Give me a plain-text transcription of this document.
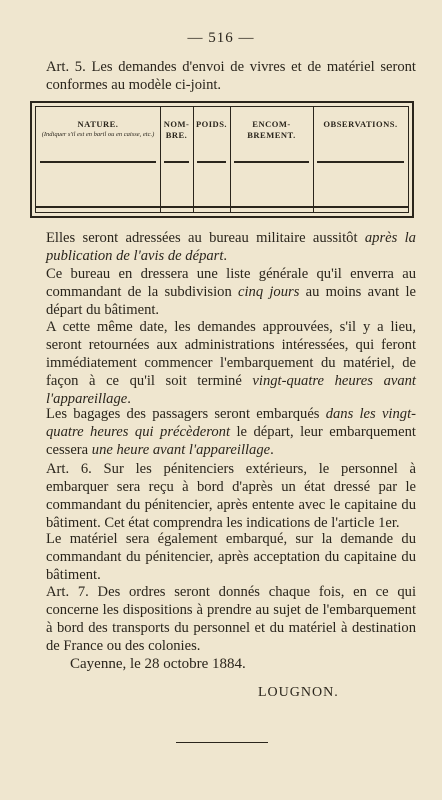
— 516 —

Art. 5. Les demandes d'envoi de vivres et de matériel seront conformes au modèle ci-joint.

NATURE.
(Indiquer s'il est en baril ou en caisse, etc.)
NOM-BRE.
POIDS.	ENCOM-BREMENT.
OBSERVATIONS.

Elles seront adressées au bureau militaire aussitôt après la publication de l'avis de départ.

Ce bureau en dressera une liste générale qu'il enverra au commandant de la subdivision cinq jours au moins avant le départ du bâtiment.

A cette même date, les demandes approuvées, s'il y a lieu, seront retournées aux administrations intéressées, qui feront immédiatement commencer l'embarquement du matériel, de façon à ce qu'il soit terminé vingt-quatre heures avant l'appareillage.

Les bagages des passagers seront embarqués dans les vingt-quatre heures qui précèderont le départ, leur embarquement cessera une heure avant l'appareillage.

Art. 6. Sur les pénitenciers extérieurs, le personnel à embarquer sera reçu à bord d'après un état dressé par le commandant du pénitencier, après entente avec le capitaine du bâtiment. Cet état comprendra les indications de l'article 1er.

Le matériel sera également embarqué, sur la demande du commandant du pénitencier, après acceptation du capitaine du bâtiment.

Art. 7. Des ordres seront donnés chaque fois, en ce qui concerne les dispositions à prendre au sujet de l'embarquement à bord des transports du personnel et du matériel à destination de France ou des colonies.

Cayenne, le 28 octobre 1884.
LOUGNON.
